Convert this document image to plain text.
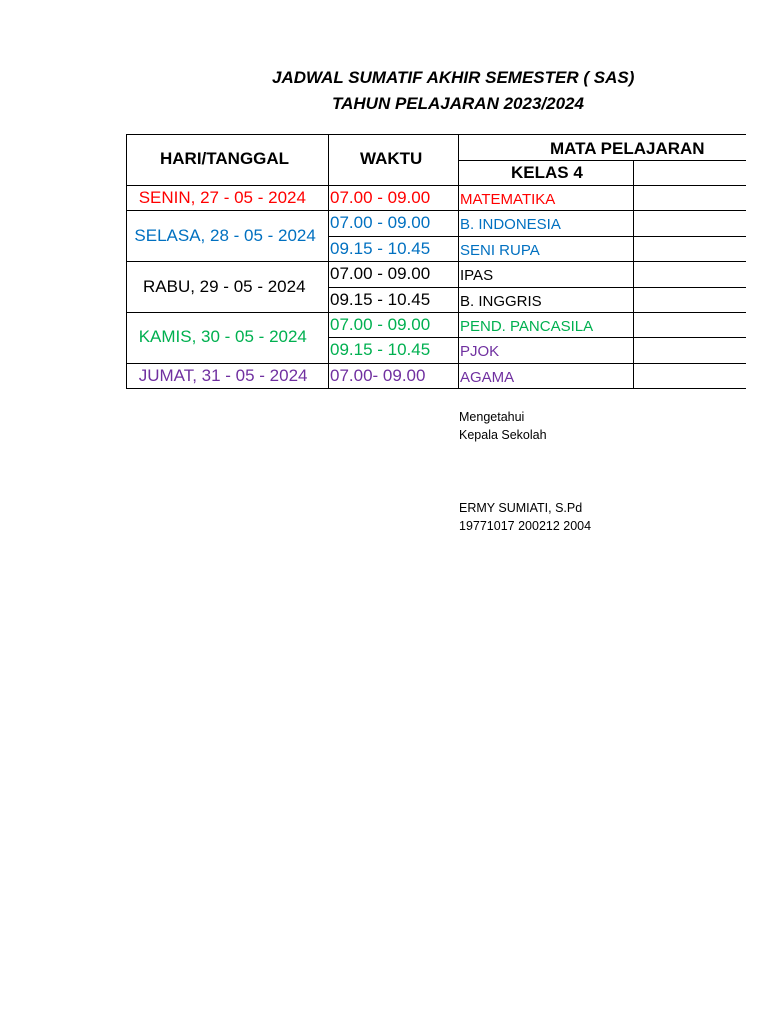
JADWAL SUMATIF AKHIR SEMESTER ( SAS)
TAHUN PELAJARAN 2023/2024
HARI/TANGGAL	WAKTU
MATA PELAJARAN
KELAS 4
SENIN, 27 - 05 - 2024 07.00 - 09.00 MATEMATIKA
SELASA, 28 - 05 - 2024
07.00 - 09.00 B. INDONESIA
09.15 - 10.45 SENI RUPA
RABU, 29 - 05 - 2024
07.00 - 09.00 IPAS
09.15 - 10.45 B. INGGRIS
KAMIS, 30 - 05 - 2024
07.00 - 09.00 PEND. PANCASILA
09.15 - 10.45 PJOK
JUMAT, 31 - 05 - 2024 07.00- 09.00 AGAMA
Mengetahui
Kepala Sekolah
ERMY SUMIATI, S.Pd
19771017 200212 2004
